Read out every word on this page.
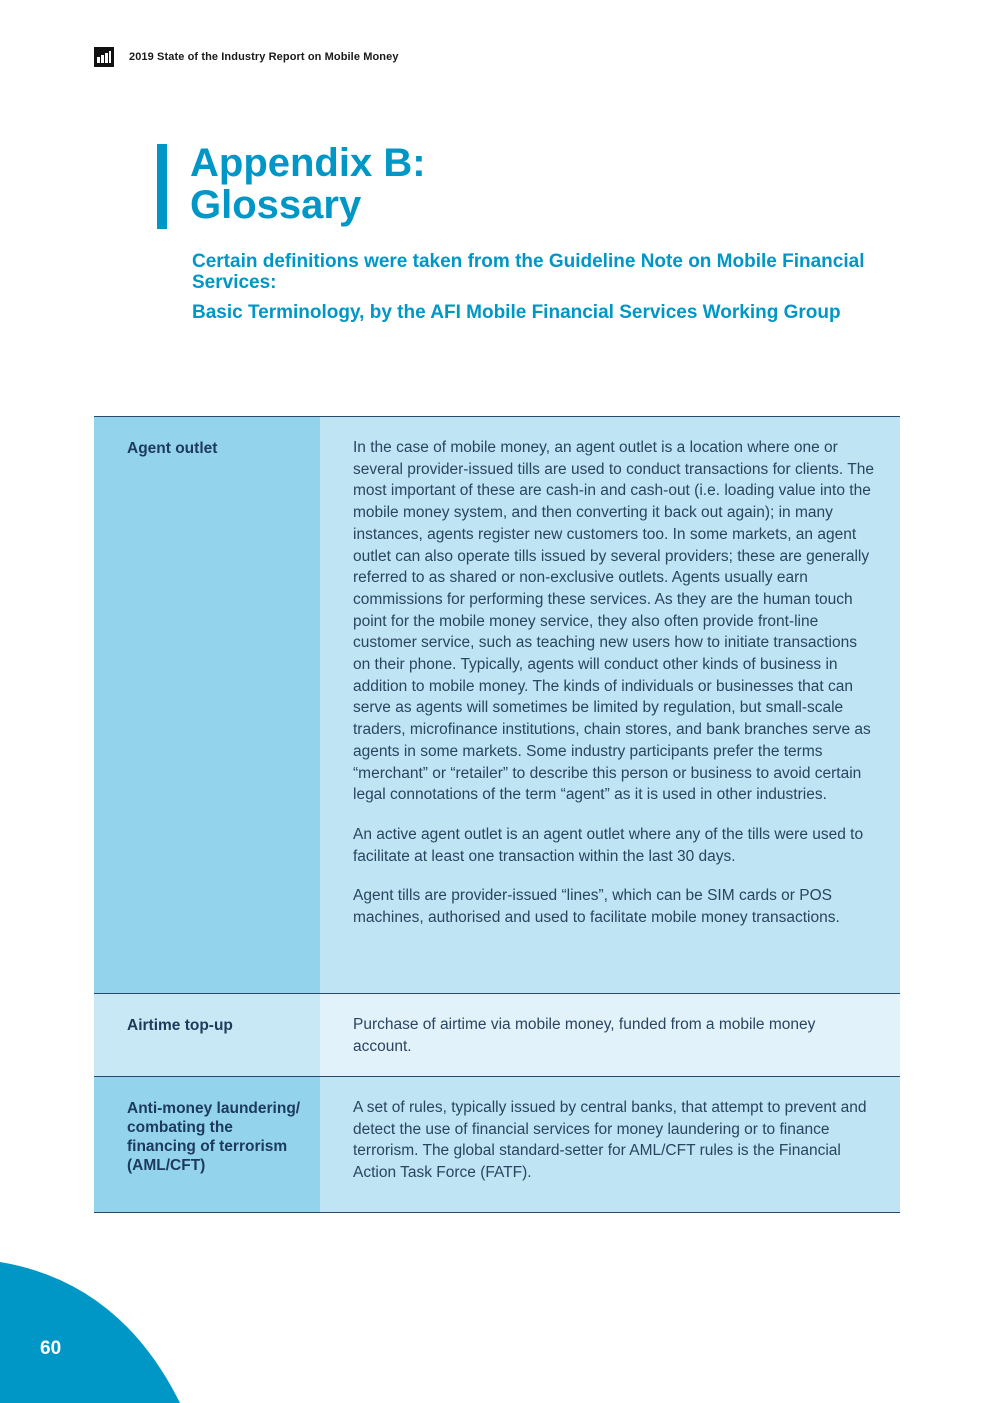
2019 State of the Industry Report on Mobile Money
Appendix B:
Glossary

Certain definitions were taken from the Guideline Note on Mobile Financial Services:

Basic Terminology, by the AFI Mobile Financial Services Working Group

Agent outlet	In the case of mobile money, an agent outlet is a location where one or several provider-issued tills are used to conduct transactions for clients. The most important of these are cash-in and cash-out (i.e. loading value into the mobile money system, and then converting it back out again); in many instances, agents register new customers too. In some markets, an agent outlet can also operate tills issued by several providers; these are generally referred to as shared or non-exclusive outlets. Agents usually earn commissions for performing these services. As they are the human touch point for the mobile money service, they also often provide front-line customer service, such as teaching new users how to initiate transactions on their phone. Typically, agents will conduct other kinds of business in addition to mobile money. The kinds of individuals or businesses that can serve as agents will sometimes be limited by regulation, but small-scale traders, microfinance institutions, chain stores, and bank branches serve as agents in some markets. Some industry participants prefer the terms “merchant” or “retailer” to describe this person or business to avoid certain legal connotations of the term “agent” as it is used in other industries.

An active agent outlet is an agent outlet where any of the tills were used to facilitate at least one transaction within the last 30 days.

Agent tills are provider-issued “lines”, which can be SIM cards or POS machines, authorised and used to facilitate mobile money transactions.

Airtime top-up	Purchase of airtime via mobile money, funded from a mobile money account.

Anti-money laundering/ combating the financing of terrorism (AML/CFT)

A set of rules, typically issued by central banks, that attempt to prevent and detect the use of financial services for money laundering or to finance terrorism. The global standard-setter for AML/CFT rules is the Financial Action Task Force (FATF).

60
